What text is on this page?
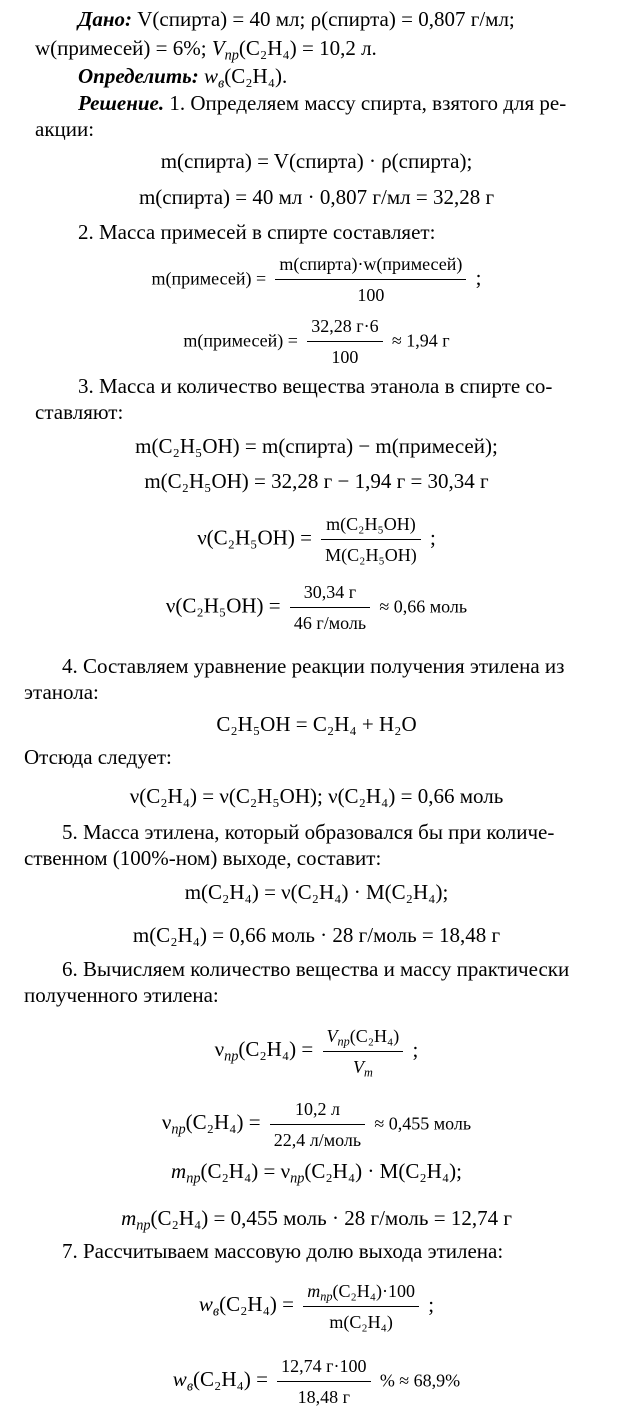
Дано: V(спирта) = 40 мл; ρ(спирта) = 0,807 г/мл;
w(примесей) = 6%; $V_{пр}(C_2H_4) = 10,2$ л.
Определить: $w_в(C_2H_4)$.
Решение. 1. Определяем массу спирта, взятого для ре-
акции:
m(спирта) = V(спирта) · ρ(спирта);
m(спирта) = 40 мл · 0,807 г/мл = 32,28 г
2. Масса примесей в спирте составляет:
m(примесей) = $\frac{\text{m(спирта)·w(примесей)}}{100}$ ;
m(примесей) = $\frac{32,28 г\cdot 6}{100} \approx 1,94$ г
3. Масса и количество вещества этанола в спирте со-
ставляют:
m(C₂H₅OH) = m(спирта) − m(примесей);
m(C₂H₅OH) = 32,28 г − 1,94 г = 30,34 г
$\nu(C_2H_5OH) = \frac{\text{m(C₂H₅OH)}}{\text{M(C₂H₅OH)}}$ ;
$\nu(C_2H_5OH) = \frac{30,34 г}{\text{46 г/моль}} \approx 0,66$ моль
4. Составляем уравнение реакции получения этилена из
этанола:
C₂H₅OH = C₂H₄ + H₂O
Отсюда следует:
ν(C₂H₄) = ν(C₂H₅OH); ν(C₂H₄) = 0,66 моль
5. Масса этилена, который образовался бы при количе-
ственном (100%-ном) выходе, составит:
m(C₂H₄) = ν(C₂H₄) · M(C₂H₄);
m(C₂H₄) = 0,66 моль · 28 г/моль = 18,48 г
6. Вычисляем количество вещества и массу практически
полученного этилена:
$\nu_{пр}(C_2H_4) = \frac{V_{пр}(C_2H_4)}{V_m}$ ;
$\nu_{пр}(C_2H_4) = \frac{10,2 л}{\text{22,4 л/моль}} \approx 0,455$ моль
$m_{пр}(C_2H_4) = \nu_{пр}(C_2H_4) \cdot M(C_2H_4)$;
$m_{пр}(C_2H_4) = 0,455$ моль · 28 г/моль = 12,74 г
7. Рассчитываем массовую долю выхода этилена:
$w_в(C_2H_4) = \frac{m_{пр}(C_2H_4)\cdot 100}{\text{m(C₂H₄)}}$ ;
$w_в(C_2H_4) = \frac{12,74 г\cdot 100}{18,48 г}$ % ≈ 68,9%
